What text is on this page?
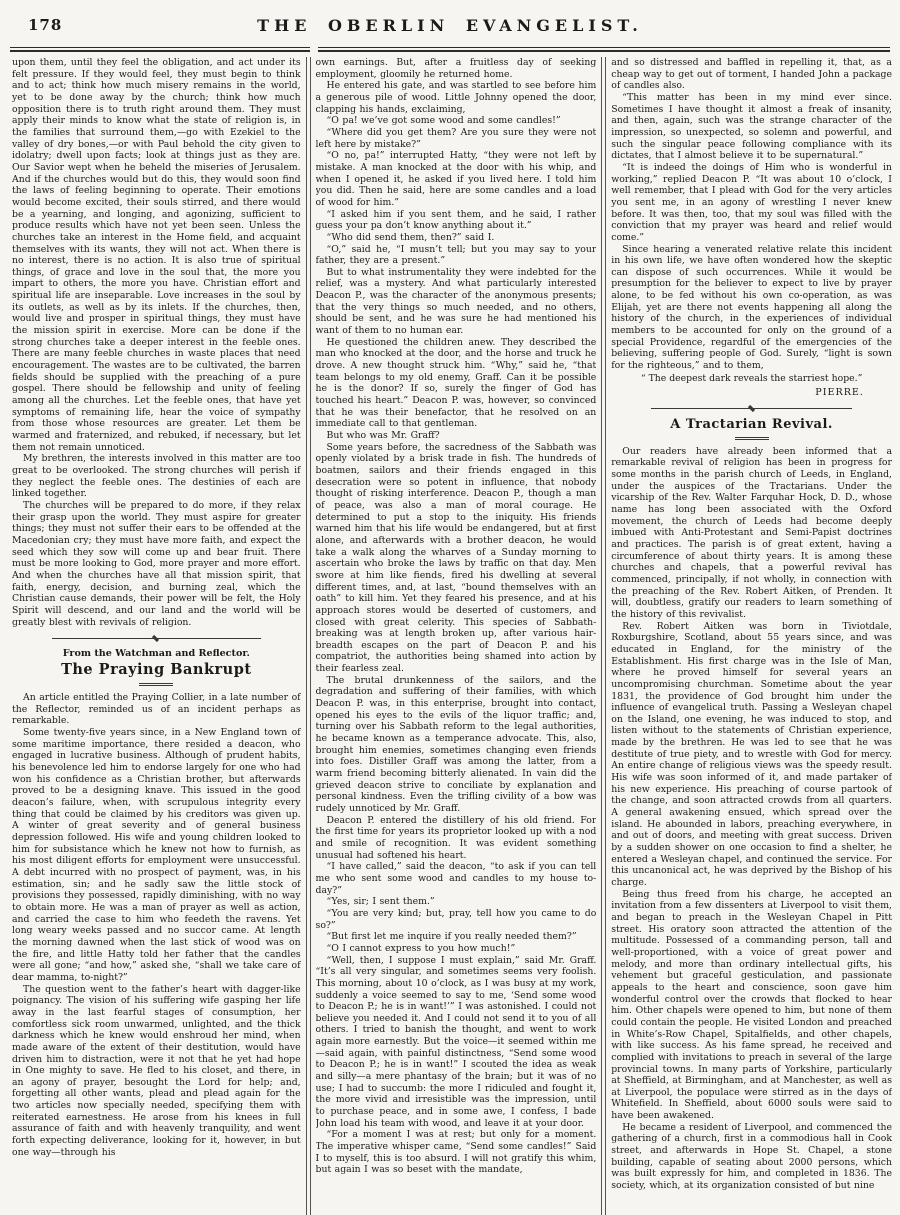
178	THE OBERLIN EVANGELIST.

upon them, until they feel the obligation, and act under its felt pressure. If they would feel, they must begin to think and to act; think how much misery remains in the world, yet to be done away by the church; think how much opposition there is to truth right around them. They must apply their minds to know what the state of religion is, in the families that surround them,—go with Ezekiel to the valley of dry bones,—or with Paul behold the city given to idolatry; dwell upon facts; look at things just as they are. Our Savior wept when he beheld the miseries of Jerusalem. And if the churches would but do this, they would soon find the laws of feeling beginning to operate. Their emotions would become excited, their souls stirred, and there would be a yearning, and longing, and agonizing, sufficient to produce results which have not yet been seen. Unless the churches take an interest in the Home field, and acquaint themselves with its wants, they will not act. When there is no interest, there is no action. It is also true of spiritual things, of grace and love in the soul that, the more you impart to others, the more you have. Christian effort and spiritual life are inseparable. Love increases in the soul by its outlets, as well as by its inlets. If the churches, then, would live and prosper in spiritual things, they must have the mission spirit in exercise. More can be done if the strong churches take a deeper interest in the feeble ones. There are many feeble churches in waste places that need encouragement. The wastes are to be cultivated, the barren fields should be supplied with the preaching of a pure gospel. There should be fellowship and unity of feeling among all the churches. Let the feeble ones, that have yet symptoms of remaining life, hear the voice of sympathy from those whose resources are greater. Let them be warmed and fraternized, and rebuked, if necessary, but let them not remain unnoticed.

My brethren, the interests involved in this matter are too great to be overlooked. The strong churches will perish if they neglect the feeble ones. The destinies of each are linked together.

The churches will be prepared to do more, if they relax their grasp upon the world. They must aspire for greater things; they must not suffer their ears to be offended at the Macedonian cry; they must have more faith, and expect the seed which they sow will come up and bear fruit. There must be more looking to God, more prayer and more effort. And when the churches have all that mission spirit, that faith, energy, decision, and burning zeal, which the Christian cause demands, their power will be felt, the Holy Spirit will descend, and our land and the world will be greatly blest with revivals of religion.

From the Watchman and Reflector.
The Praying Bankrupt

An article entitled the Praying Collier, in a late number of the Reflector, reminded us of an incident perhaps as remarkable.

Some twenty-five years since, in a New England town of some maritime importance, there resided a deacon, who engaged in lucrative business. Although of prudent habits, his benevolence led him to endorse largely for one who had won his confidence as a Christian brother, but afterwards proved to be a designing knave. This issued in the good deacon’s failure, when, with scrupulous integrity every thing that could be claimed by his creditors was given up. A winter of great severity and of general business depression followed. His wife and young children looked to him for subsistance which he knew not how to furnish, as his most diligent efforts for employment were unsuccessful. A debt incurred with no prospect of payment, was, in his estimation, sin; and he sadly saw the little stock of provisions they possessed, rapidly diminishing, with no way to obtain more. He was a man of prayer as well as action, and carried the case to him who feedeth the ravens. Yet long weary weeks passed and no succor came. At length the morning dawned when the last stick of wood was on the fire, and little Hatty told her father that the candles were all gone; “and how,” asked she, “shall we take care of dear mamma, to-night?”

The question went to the father’s heart with dagger-like poignancy. The vision of his suffering wife gasping her life away in the last fearful stages of consumption, her comfortless sick room unwarmed, unlighted, and the thick darkness which he knew would enshroud her mind, when made aware of the extent of their destitution, would have driven him to distraction, were it not that he yet had hope in One mighty to save. He fled to his closet, and there, in an agony of prayer, besought the Lord for help; and, forgetting all other wants, plead and plead again for the two articles now specially needed, specifying them with reiterated earnestness. He arose from his knees in full assurance of faith and with heavenly tranquility, and went forth expecting deliverance, looking for it, however, in but one way—through his

own earnings. But, after a fruitless day of seeking employment, gloomily he returned home.

He entered his gate, and was startled to see before him a generous pile of wood. Little Johnny opened the door, clapping his hands, exclaiming,

“O pa! we’ve got some wood and some candles!”

“Where did you get them? Are you sure they were not left here by mistake?”

“O no, pa!” interrupted Hatty, “they were not left by mistake. A man knocked at the door with his whip, and when I opened it, he asked if you lived here. I told him you did. Then he said, here are some candles and a load of wood for him.”

“I asked him if you sent them, and he said, I rather guess your pa don’t know anything about it.”

“Who did send them, then?” said I.

“O,” said he, “I musn’t tell; but you may say to your father, they are a present.”

But to what instrumentality they were indebted for the relief, was a mystery. And what particularly interested Deacon P., was the character of the anonymous presents; that the very things so much needed, and no others, should be sent, and he was sure he had mentioned his want of them to no human ear.

He questioned the children anew. They described the man who knocked at the door, and the horse and truck he drove. A new thought struck him. “Why,” said he, “that team belongs to my old enemy, Graff. Can it be possible he is the donor? If so, surely the finger of God has touched his heart.” Deacon P. was, however, so convinced that he was their benefactor, that he resolved on an immediate call to that gentleman.

But who was Mr. Graff?

Some years before, the sacredness of the Sabbath was openly violated by a brisk trade in fish. The hundreds of boatmen, sailors and their friends engaged in this desecration were so potent in influence, that nobody thought of risking interference. Deacon P., though a man of peace, was also a man of moral courage. He determined to put a stop to the iniquity. His friends warned him that his life would be endangered, but at first alone, and afterwards with a brother deacon, he would take a walk along the wharves of a Sunday morning to ascertain who broke the laws by traffic on that day. Men swore at him like fiends, fired his dwelling at several different times, and, at last, “bound themselves with an oath” to kill him. Yet they feared his presence, and at his approach stores would be deserted of customers, and closed with great celerity. This species of Sabbath-breaking was at length broken up, after various hair-breadth escapes on the part of Deacon P. and his compatriot, the authorities being shamed into action by their fearless zeal.

The brutal drunkenness of the sailors, and the degradation and suffering of their families, with which Deacon P. was, in this enterprise, brought into contact, opened his eyes to the evils of the liquor traffic; and, turning over his Sabbath reform to the legal authorities, he became known as a temperance advocate. This, also, brought him enemies, sometimes changing even friends into foes. Distiller Graff was among the latter, from a warm friend becoming bitterly alienated. In vain did the grieved deacon strive to conciliate by explanation and personal kindness. Even the trifling civility of a bow was rudely unnoticed by Mr. Graff.

Deacon P. entered the distillery of his old friend. For the first time for years its proprietor looked up with a nod and smile of recognition. It was evident something unusual had softened his heart.

“I have called,” said the deacon, “to ask if you can tell me who sent some wood and candles to my house to-day?”

“Yes, sir; I sent them.”

“You are very kind; but, pray, tell how you came to do so?”

“But first let me inquire if you really needed them?”

“O I cannot express to you how much!”

“Well, then, I suppose I must explain,” said Mr. Graff. “It’s all very singular, and sometimes seems very foolish. This morning, about 10 o’clock, as I was busy at my work, suddenly a voice seemed to say to me, ‘Send some wood to Deacon P.; he is in want!’” I was astonished. I could not believe you needed it. And I could not send it to you of all others. I tried to banish the thought, and went to work again more earnestly. But the voice—it seemed within me—said again, with painful distinctness, “Send some wood to Deacon P.; he is in want!” I scouted the idea as weak and silly—a mere phantasy of the brain; but it was of no use; I had to succumb: the more I ridiculed and fought it, the more vivid and irresistible was the impression, until to purchase peace, and in some awe, I confess, I bade John load his team with wood, and leave it at your door.

“For a moment I was at rest; but only for a moment. The imperative whisper came, “Send some candles!” Said I to myself, this is too absurd. I will not gratify this whim, but again I was so beset with the mandate,

and so distressed and baffled in repelling it, that, as a cheap way to get out of torment, I handed John a package of candles also.

“This matter has been in my mind ever since. Sometimes I have thought it almost a freak of insanity, and then, again, such was the strange character of the impression, so unexpected, so solemn and powerful, and such the singular peace following compliance with its dictates, that I almost believe it to be supernatural.”

“It is indeed the doings of Him who is wonderful in working,” replied Deacon P. “It was about 10 o’clock, I well remember, that I plead with God for the very articles you sent me, in an agony of wrestling I never knew before. It was then, too, that my soul was filled with the conviction that my prayer was heard and relief would come.”

Since hearing a venerated relative relate this incident in his own life, we have often wondered how the skeptic can dispose of such occurrences. While it would be presumption for the believer to expect to live by prayer alone, to be fed without his own co-operation, as was Elijah, yet are there not events happening all along the history of the church, in the experiences of individual members to be accounted for only on the ground of a special Providence, regardful of the emergencies of the believing, suffering people of God. Surely, “light is sown for the righteous,” and to them,

“ The deepest dark reveals the starriest hope.”
PIERRE.
A Tractarian Revival.

Our readers have already been informed that a remarkable revival of religion has been in progress for some months in the parish church of Leeds, in England, under the auspices of the Tractarians. Under the vicarship of the Rev. Walter Farquhar Hock, D. D., whose name has long been associated with the Oxford movement, the church of Leeds had become deeply imbued with Anti-Protestant and Semi-Papist doctrines and practices. The parish is of great extent, having a circumference of about thirty years. It is among these churches and chapels, that a powerful revival has commenced, principally, if not wholly, in connection with the preaching of the Rev. Robert Aitken, of Prenden. It will, doubtless, gratify our readers to learn something of the history of this revivalist.

Rev. Robert Aitken was born in Tiviotdale, Roxburgshire, Scotland, about 55 years since, and was educated in England, for the ministry of the Establishment. His first charge was in the Isle of Man, where he proved himself for several years an uncompromising churchman. Sometime about the year 1831, the providence of God brought him under the influence of evangelical truth. Passing a Wesleyan chapel on the Island, one evening, he was induced to stop, and listen without to the statements of Christian experience, made by the brethren. He was led to see that he was destitute of true piety, and to wrestle with God for mercy. An entire change of religious views was the speedy result. His wife was soon informed of it, and made partaker of his new experience. His preaching of course partook of the change, and soon attracted crowds from all quarters. A general awakening ensued, which spread over the island. He abounded in labors, preaching everywhere, in and out of doors, and meeting with great success. Driven by a sudden shower on one occasion to find a shelter, he entered a Wesleyan chapel, and continued the service. For this uncanonical act, he was deprived by the Bishop of his charge.

Being thus freed from his charge, he accepted an invitation from a few dissenters at Liverpool to visit them, and began to preach in the Wesleyan Chapel in Pitt street. His oratory soon attracted the attention of the multitude. Possessed of a commanding person, tall and well-proportioned, with a voice of great power and melody, and more than ordinary intellectual gifts, his vehement but graceful gesticulation, and passionate appeals to the heart and conscience, soon gave him wonderful control over the crowds that flocked to hear him. Other chapels were opened to him, but none of them could contain the people. He visited London and preached in White’s-Row Chapel, Spitalfields, and other chapels, with like success. As his fame spread, he received and complied with invitations to preach in several of the large provincial towns. In many parts of Yorkshire, particularly at Sheffield, at Birmingham, and at Manchester, as well as at Liverpool, the populace were stirred as in the days of Whitefield. In Sheffield, about 6000 souls were said to have been awakened.

He became a resident of Liverpool, and commenced the gathering of a church, first in a commodious hall in Cook street, and afterwards in Hope St. Chapel, a stone building, capable of seating about 2000 persons, which was built expressly for him, and completed in 1836. The society, which, at its organization consisted of but nine
